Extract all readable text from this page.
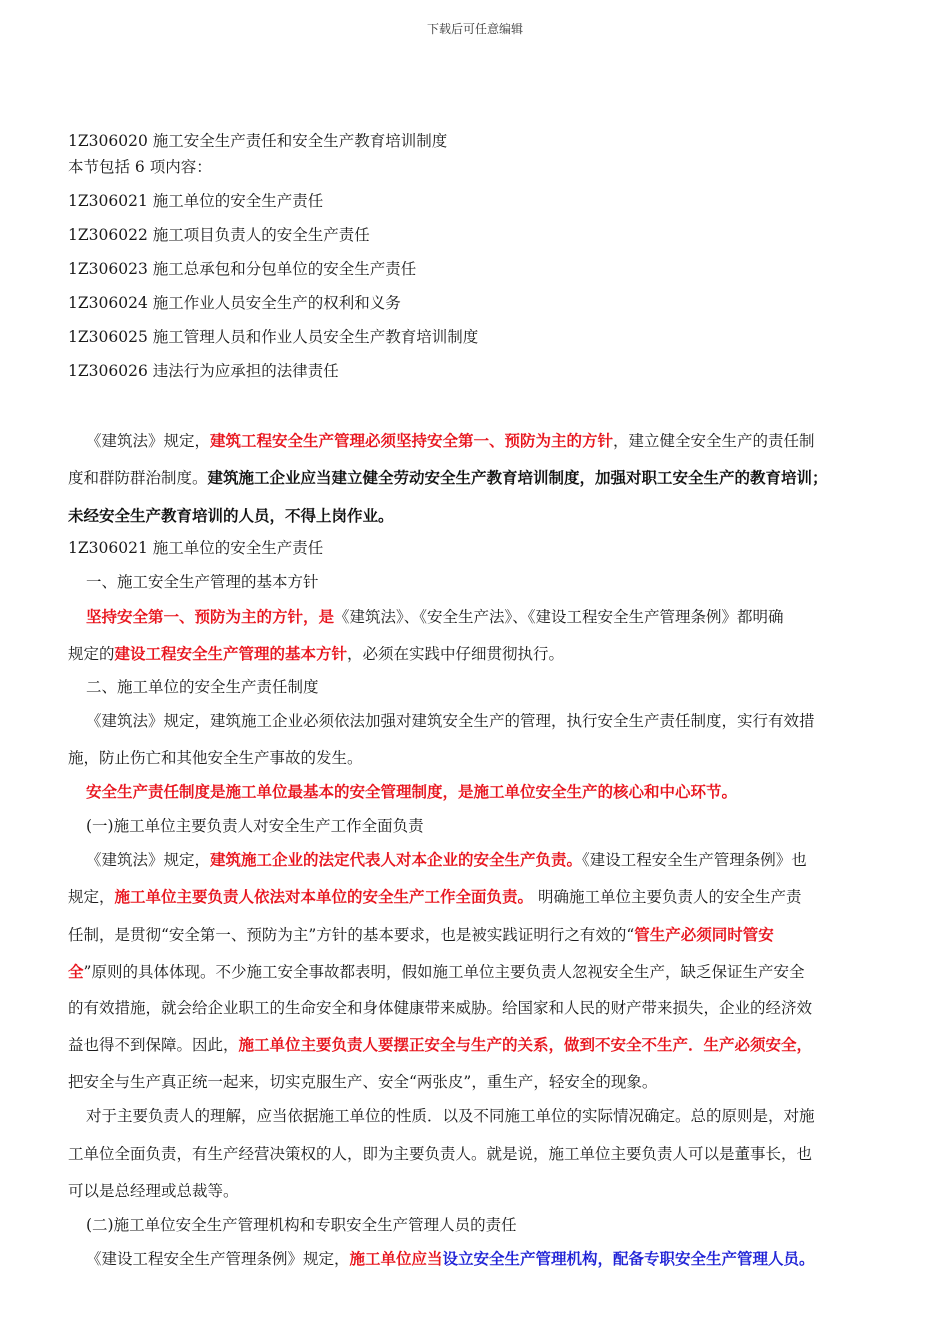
下载后可任意编辑
1Z306020 施工安全生产责任和安全生产教育培训制度
本节包括 6 项内容：
1Z306021 施工单位的安全生产责任
1Z306022 施工项目负责人的安全生产责任
1Z306023 施工总承包和分包单位的安全生产责任
1Z306024 施工作业人员安全生产的权利和义务
1Z306025 施工管理人员和作业人员安全生产教育培训制度
1Z306026 违法行为应承担的法律责任
《建筑法》规定，建筑工程安全生产管理必须坚持安全第一、预防为主的方针，建立健全安全生产的责任制
度和群防群治制度。建筑施工企业应当建立健全劳动安全生产教育培训制度，加强对职工安全生产的教育培训；
未经安全生产教育培训的人员，不得上岗作业。
1Z306021 施工单位的安全生产责任
一、施工安全生产管理的基本方针
坚持安全第一、预防为主的方针，是《建筑法》、《安全生产法》、《建设工程安全生产管理条例》都明确
规定的建设工程安全生产管理的基本方针，必须在实践中仔细贯彻执行。
二、施工单位的安全生产责任制度
《建筑法》规定，建筑施工企业必须依法加强对建筑安全生产的管理，执行安全生产责任制度，实行有效措
施，防止伤亡和其他安全生产事故的发生。
安全生产责任制度是施工单位最基本的安全管理制度，是施工单位安全生产的核心和中心环节。
(一)施工单位主要负责人对安全生产工作全面负责
《建筑法》规定，建筑施工企业的法定代表人对本企业的安全生产负责。《建设工程安全生产管理条例》也
规定，施工单位主要负责人依法对本单位的安全生产工作全面负责。 明确施工单位主要负责人的安全生产责
任制，是贯彻“安全第一、预防为主”方针的基本要求，也是被实践证明行之有效的“管生产必须同时管安
全”原则的具体体现。不少施工安全事故都表明，假如施工单位主要负责人忽视安全生产，缺乏保证生产安全
的有效措施，就会给企业职工的生命安全和身体健康带来威胁。给国家和人民的财产带来损失，企业的经济效
益也得不到保障。因此，施工单位主要负责人要摆正安全与生产的关系，做到不安全不生产．生产必须安全，
把安全与生产真正统一起来，切实克服生产、安全“两张皮”，重生产，轻安全的现象。
对于主要负责人的理解，应当依据施工单位的性质．以及不同施工单位的实际情况确定。总的原则是，对施
工单位全面负责，有生产经营决策权的人，即为主要负责人。就是说，施工单位主要负责人可以是董事长，也
可以是总经理或总裁等。
(二)施工单位安全生产管理机构和专职安全生产管理人员的责任
《建设工程安全生产管理条例》规定，施工单位应当设立安全生产管理机构，配备专职安全生产管理人员。
